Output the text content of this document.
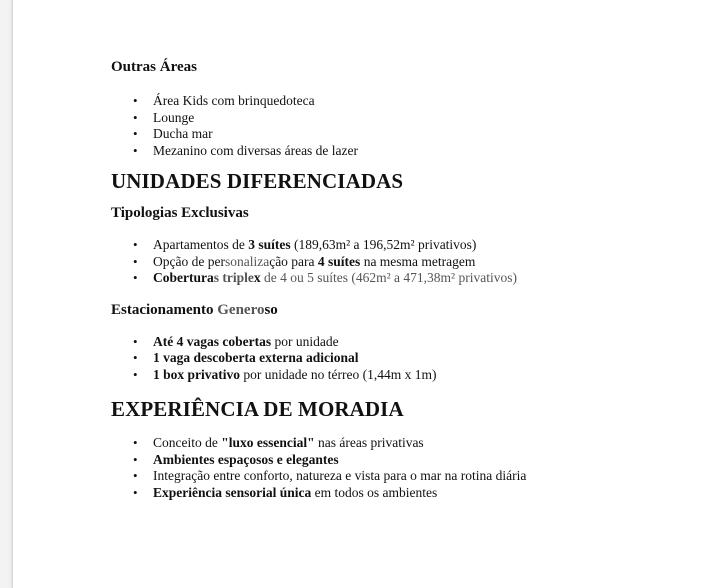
Outras Áreas
• Área Kids com brinquedoteca
• Lounge
• Ducha mar
• Mezanino com diversas áreas de lazer
UNIDADES DIFERENCIADAS
Tipologias Exclusivas
• Apartamentos de 3 suítes (189,63m² a 196,52m² privativos)
• Opção de personalização para 4 suítes na mesma metragem
• Coberturas triplex de 4 ou 5 suítes (462m² a 471,38m² privativos)
Estacionamento Generoso
• Até 4 vagas cobertas por unidade
• 1 vaga descoberta externa adicional
• 1 box privativo por unidade no térreo (1,44m x 1m)
EXPERIÊNCIA DE MORADIA
• Conceito de "luxo essencial" nas áreas privativas
• Ambientes espaçosos e elegantes
• Integração entre conforto, natureza e vista para o mar na rotina diária
• Experiência sensorial única em todos os ambientes
